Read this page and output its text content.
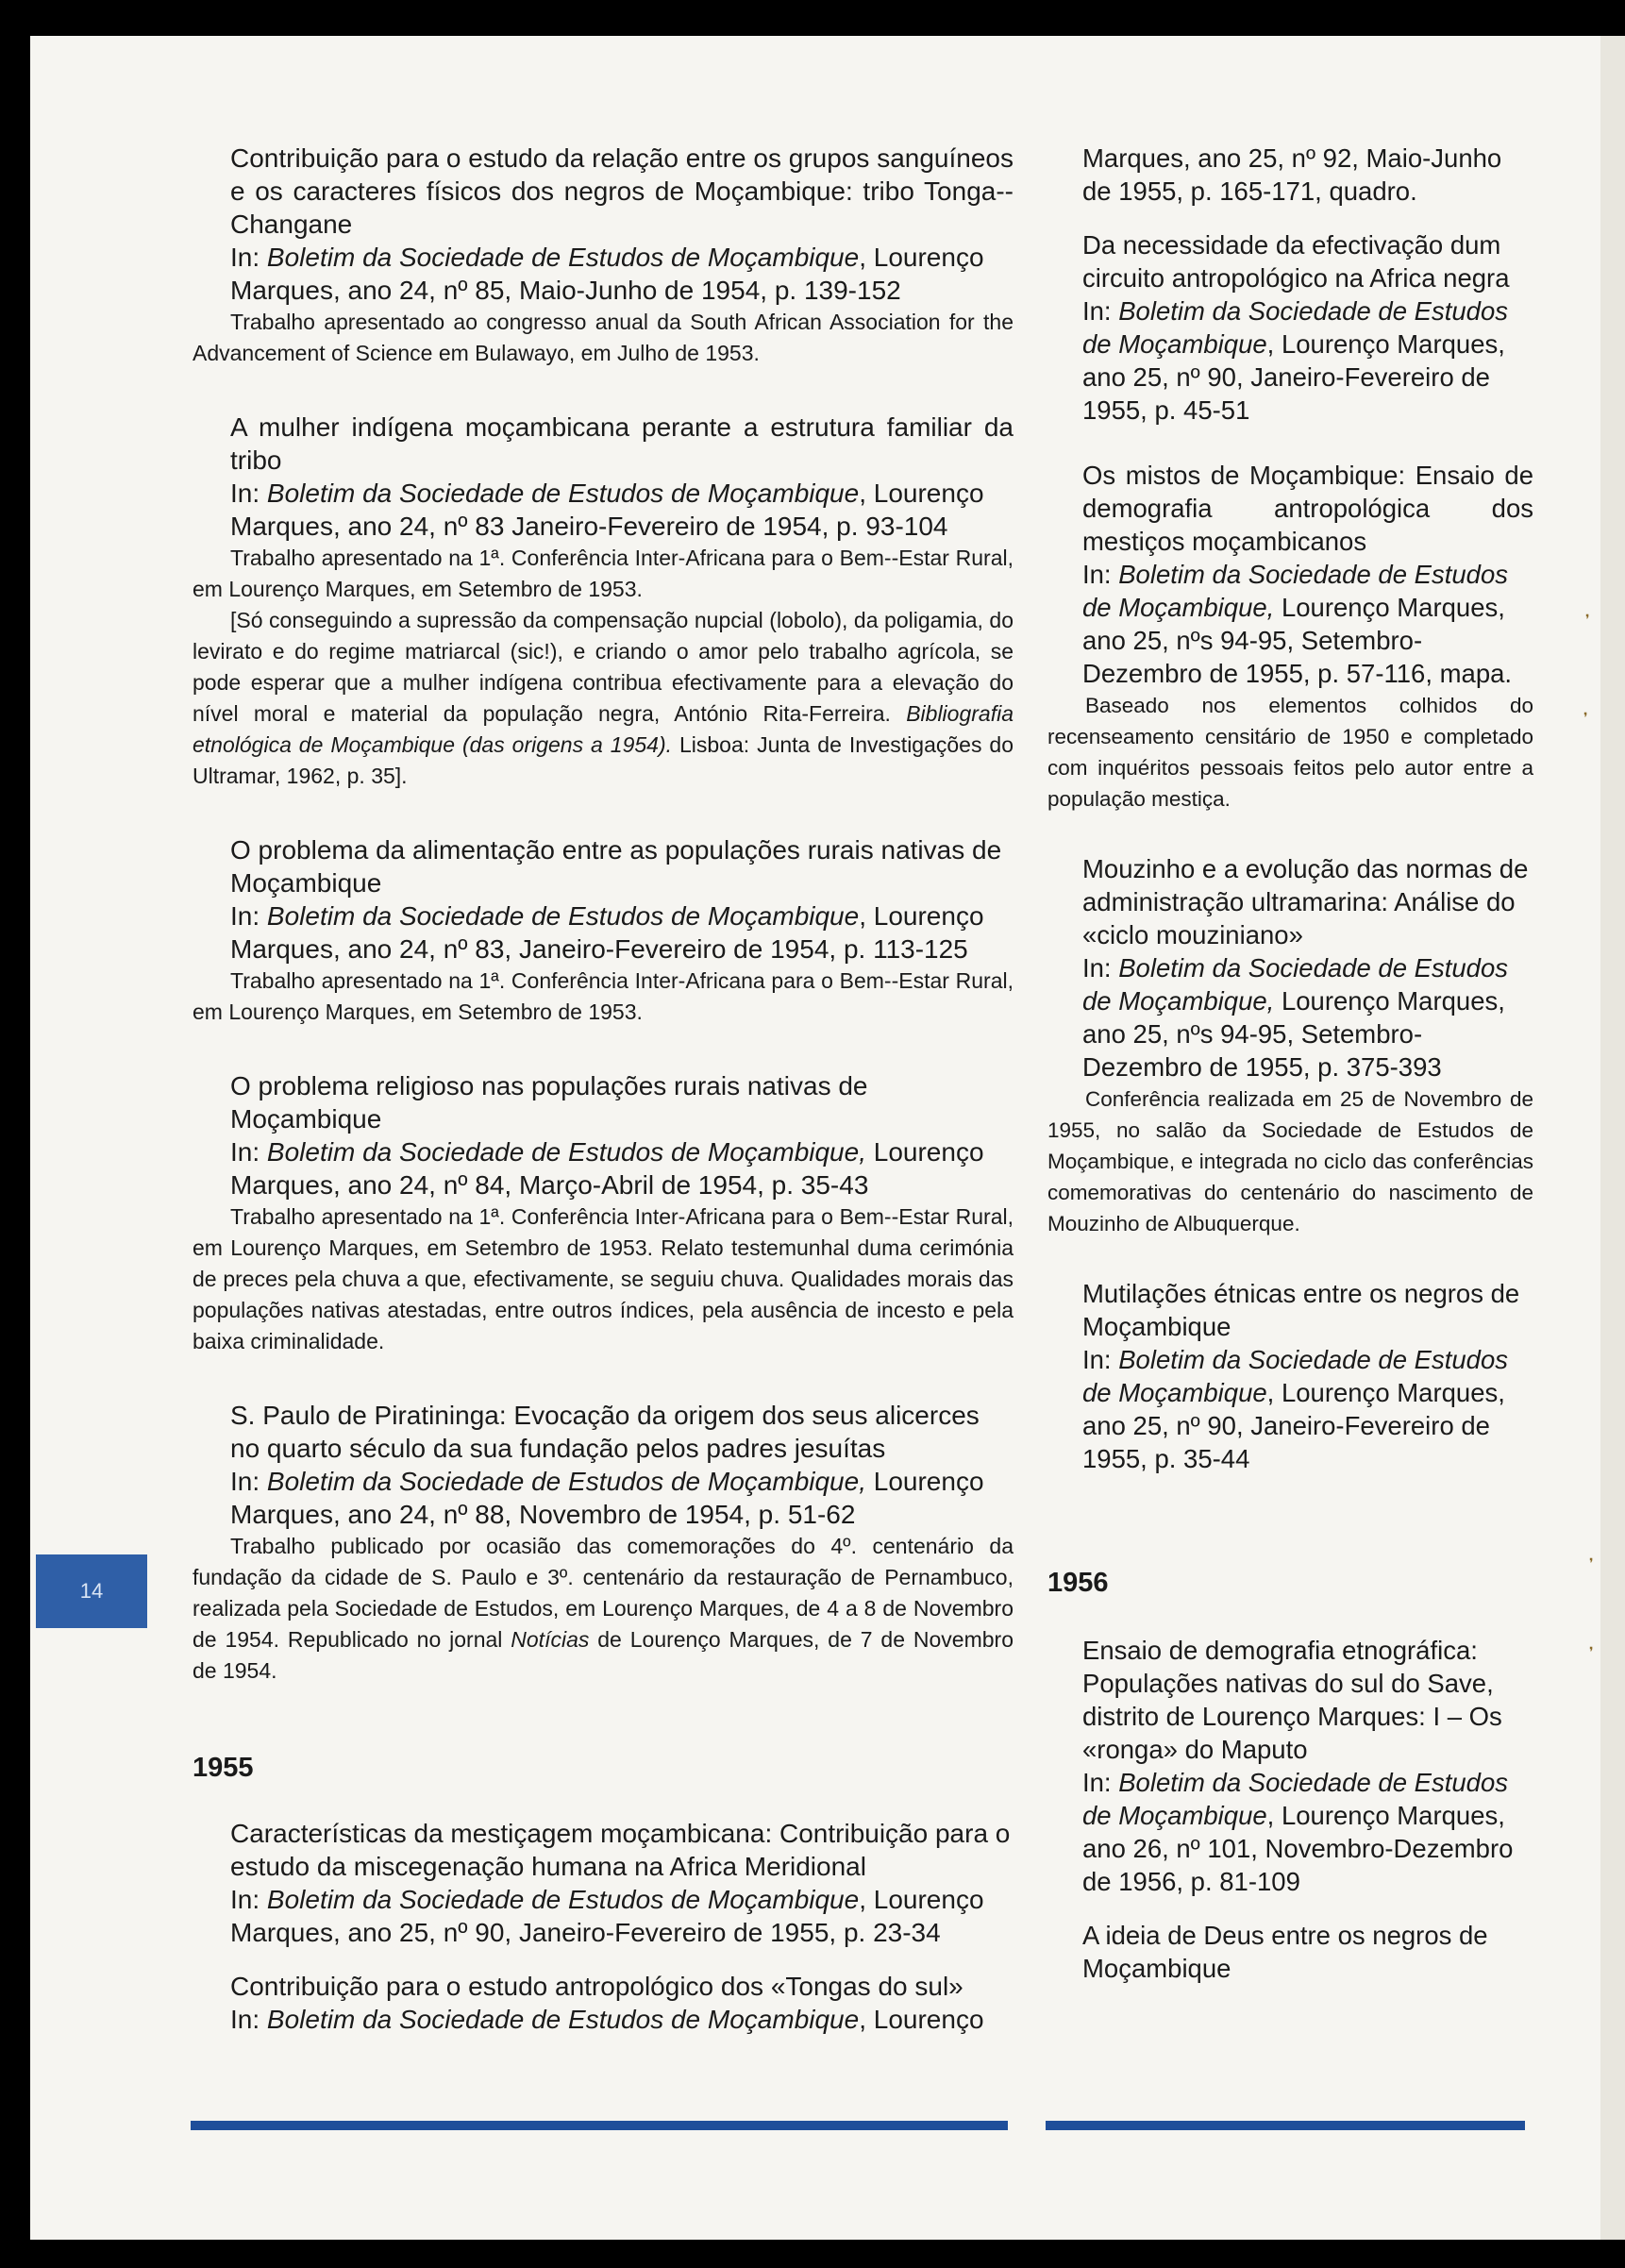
14

Contribuição para o estudo da relação entre os grupos sanguíneos e os caracteres físicos dos negros de Moçambique: tribo Tonga--Changane

In: Boletim da Sociedade de Estudos de Moçambique, Lourenço Marques, ano 24, nº 85, Maio-Junho de 1954, p. 139-152

Trabalho apresentado ao congresso anual da South African Association for the Advancement of Science em Bulawayo, em Julho de 1953.

A mulher indígena moçambicana perante a estrutura familiar da tribo

In: Boletim da Sociedade de Estudos de Moçambique, Lourenço Marques, ano 24, nº 83 Janeiro-Fevereiro de 1954, p. 93-104

Trabalho apresentado na 1ª. Conferência Inter-Africana para o Bem--Estar Rural, em Lourenço Marques, em Setembro de 1953.

[Só conseguindo a supressão da compensação nupcial (lobolo), da poligamia, do levirato e do regime matriarcal (sic!), e criando o amor pelo trabalho agrícola, se pode esperar que a mulher indígena contribua efectivamente para a elevação do nível moral e material da população negra, António Rita-Ferreira. Bibliografia etnológica de Moçambique (das origens a 1954). Lisboa: Junta de Investigações do Ultramar, 1962, p. 35].

O problema da alimentação entre as populações rurais nativas de Moçambique

In: Boletim da Sociedade de Estudos de Moçambique, Lourenço Marques, ano 24, nº 83, Janeiro-Fevereiro de 1954, p. 113-125

Trabalho apresentado na 1ª. Conferência Inter-Africana para o Bem--Estar Rural, em Lourenço Marques, em Setembro de 1953.

O problema religioso nas populações rurais nativas de Moçambique

In: Boletim da Sociedade de Estudos de Moçambique, Lourenço Marques, ano 24, nº 84, Março-Abril de 1954, p. 35-43

Trabalho apresentado na 1ª. Conferência Inter-Africana para o Bem--Estar Rural, em Lourenço Marques, em Setembro de 1953. Relato testemunhal duma cerimónia de preces pela chuva a que, efectivamente, se seguiu chuva. Qualidades morais das populações nativas atestadas, entre outros índices, pela ausência de incesto e pela baixa criminalidade.

S. Paulo de Piratininga: Evocação da origem dos seus alicerces no quarto século da sua fundação pelos padres jesuítas

In: Boletim da Sociedade de Estudos de Moçambique, Lourenço Marques, ano 24, nº 88, Novembro de 1954, p. 51-62

Trabalho publicado por ocasião das comemorações do 4º. centenário da fundação da cidade de S. Paulo e 3º. centenário da restauração de Pernambuco, realizada pela Sociedade de Estudos, em Lourenço Marques, de 4 a 8 de Novembro de 1954. Republicado no jornal Notícias de Lourenço Marques, de 7 de Novembro de 1954.

1955

Características da mestiçagem moçambicana: Contribuição para o estudo da miscegenação humana na Africa Meridional

In: Boletim da Sociedade de Estudos de Moçambique, Lourenço Marques, ano 25, nº 90, Janeiro-Fevereiro de 1955, p. 23-34

Contribuição para o estudo antropológico dos «Tongas do sul»

In: Boletim da Sociedade de Estudos de Moçambique, Lourenço

Marques, ano 25, nº 92, Maio-Junho de 1955, p. 165-171, quadro.

Da necessidade da efectivação dum circuito antropológico na Africa negra

In: Boletim da Sociedade de Estudos de Moçambique, Lourenço Marques, ano 25, nº 90, Janeiro-Fevereiro de 1955, p. 45-51

Os mistos de Moçambique: Ensaio de demografia antropológica dos mestiços moçambicanos

In: Boletim da Sociedade de Estudos de Moçambique, Lourenço Marques, ano 25, nºs 94-95, Setembro-Dezembro de 1955, p. 57-116, mapa.

Baseado nos elementos colhidos do recenseamento censitário de 1950 e completado com inquéritos pessoais feitos pelo autor entre a população mestiça.

Mouzinho e a evolução das normas de administração ultramarina: Análise do «ciclo mouziniano»

In: Boletim da Sociedade de Estudos de Moçambique, Lourenço Marques, ano 25, nºs 94-95, Setembro-Dezembro de 1955, p. 375-393

Conferência realizada em 25 de Novembro de 1955, no salão da Sociedade de Estudos de Moçambique, e integrada no ciclo das conferências comemorativas do centenário do nascimento de Mouzinho de Albuquerque.

Mutilações étnicas entre os negros de Moçambique

In: Boletim da Sociedade de Estudos de Moçambique, Lourenço Marques, ano 25, nº 90, Janeiro-Fevereiro de 1955, p. 35-44

1956

Ensaio de demografia etnográfica: Populações nativas do sul do Save, distrito de Lourenço Marques: I – Os «ronga» do Maputo

In: Boletim da Sociedade de Estudos de Moçambique, Lourenço Marques, ano 26, nº 101, Novembro-Dezembro de 1956, p. 81-109

A ideia de Deus entre os negros de Moçambique

❜
❜
❜
❜
